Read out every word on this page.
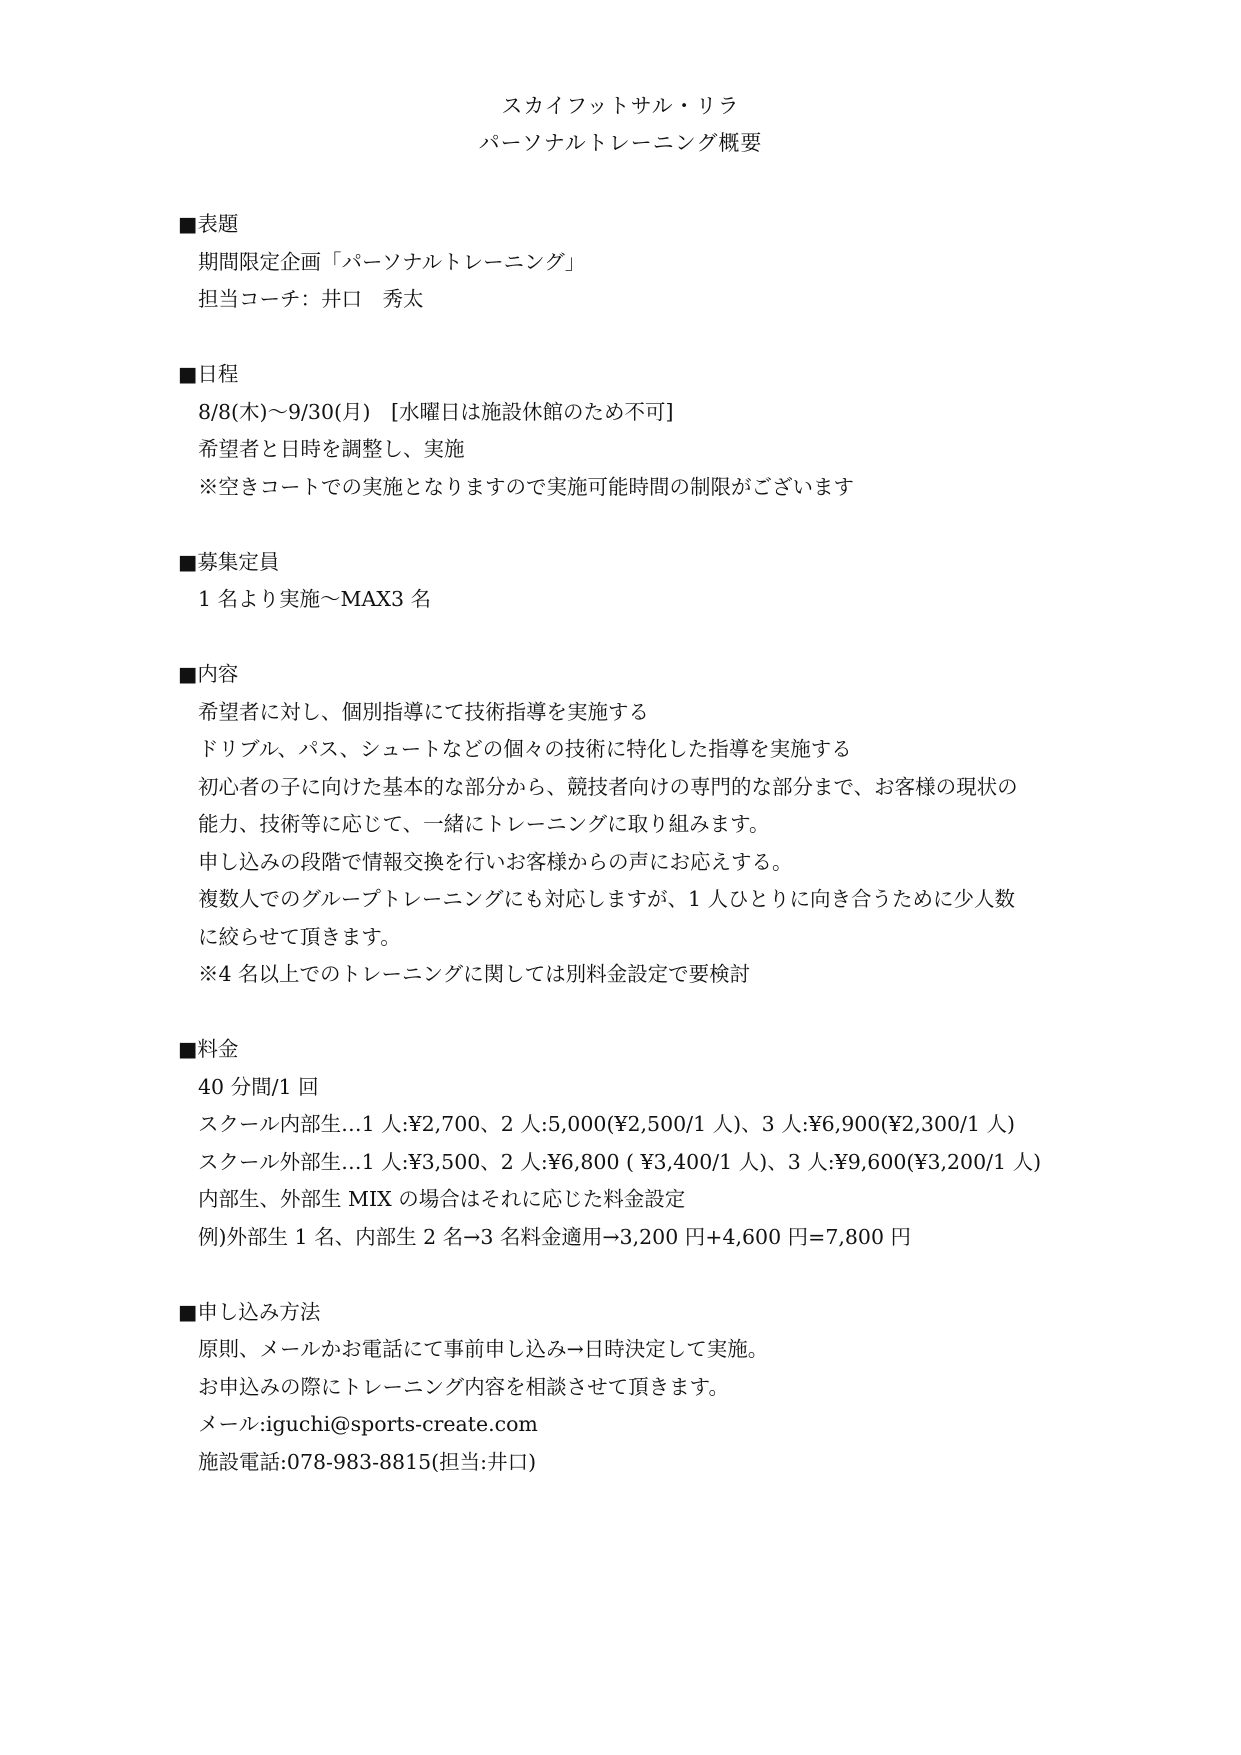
スカイフットサル・リラ
パーソナルトレーニング概要
■表題
期間限定企画「パーソナルトレーニング」
担当コーチ：井口　秀太
■日程
8/8(木)〜9/30(月)　[水曜日は施設休館のため不可]
希望者と日時を調整し、実施
※空きコートでの実施となりますので実施可能時間の制限がございます
■募集定員
1 名より実施〜MAX3 名
■内容
希望者に対し、個別指導にて技術指導を実施する
ドリブル、パス、シュートなどの個々の技術に特化した指導を実施する
初心者の子に向けた基本的な部分から、競技者向けの専門的な部分まで、お客様の現状の
能力、技術等に応じて、一緒にトレーニングに取り組みます。
申し込みの段階で情報交換を行いお客様からの声にお応えする。
複数人でのグループトレーニングにも対応しますが、1 人ひとりに向き合うために少人数
に絞らせて頂きます。
※4 名以上でのトレーニングに関しては別料金設定で要検討
■料金
40 分間/1 回
スクール内部生…1 人:¥2,700、2 人:5,000(¥2,500/1 人)、3 人:¥6,900(¥2,300/1 人)
スクール外部生…1 人:¥3,500、2 人:¥6,800 ( ¥3,400/1 人)、3 人:¥9,600(¥3,200/1 人)
内部生、外部生 MIX の場合はそれに応じた料金設定
例)外部生 1 名、内部生 2 名→3 名料金適用→3,200 円+4,600 円=7,800 円
■申し込み方法
原則、メールかお電話にて事前申し込み→日時決定して実施。
お申込みの際にトレーニング内容を相談させて頂きます。
メール:iguchi@sports-create.com
施設電話:078-983-8815(担当:井口)
